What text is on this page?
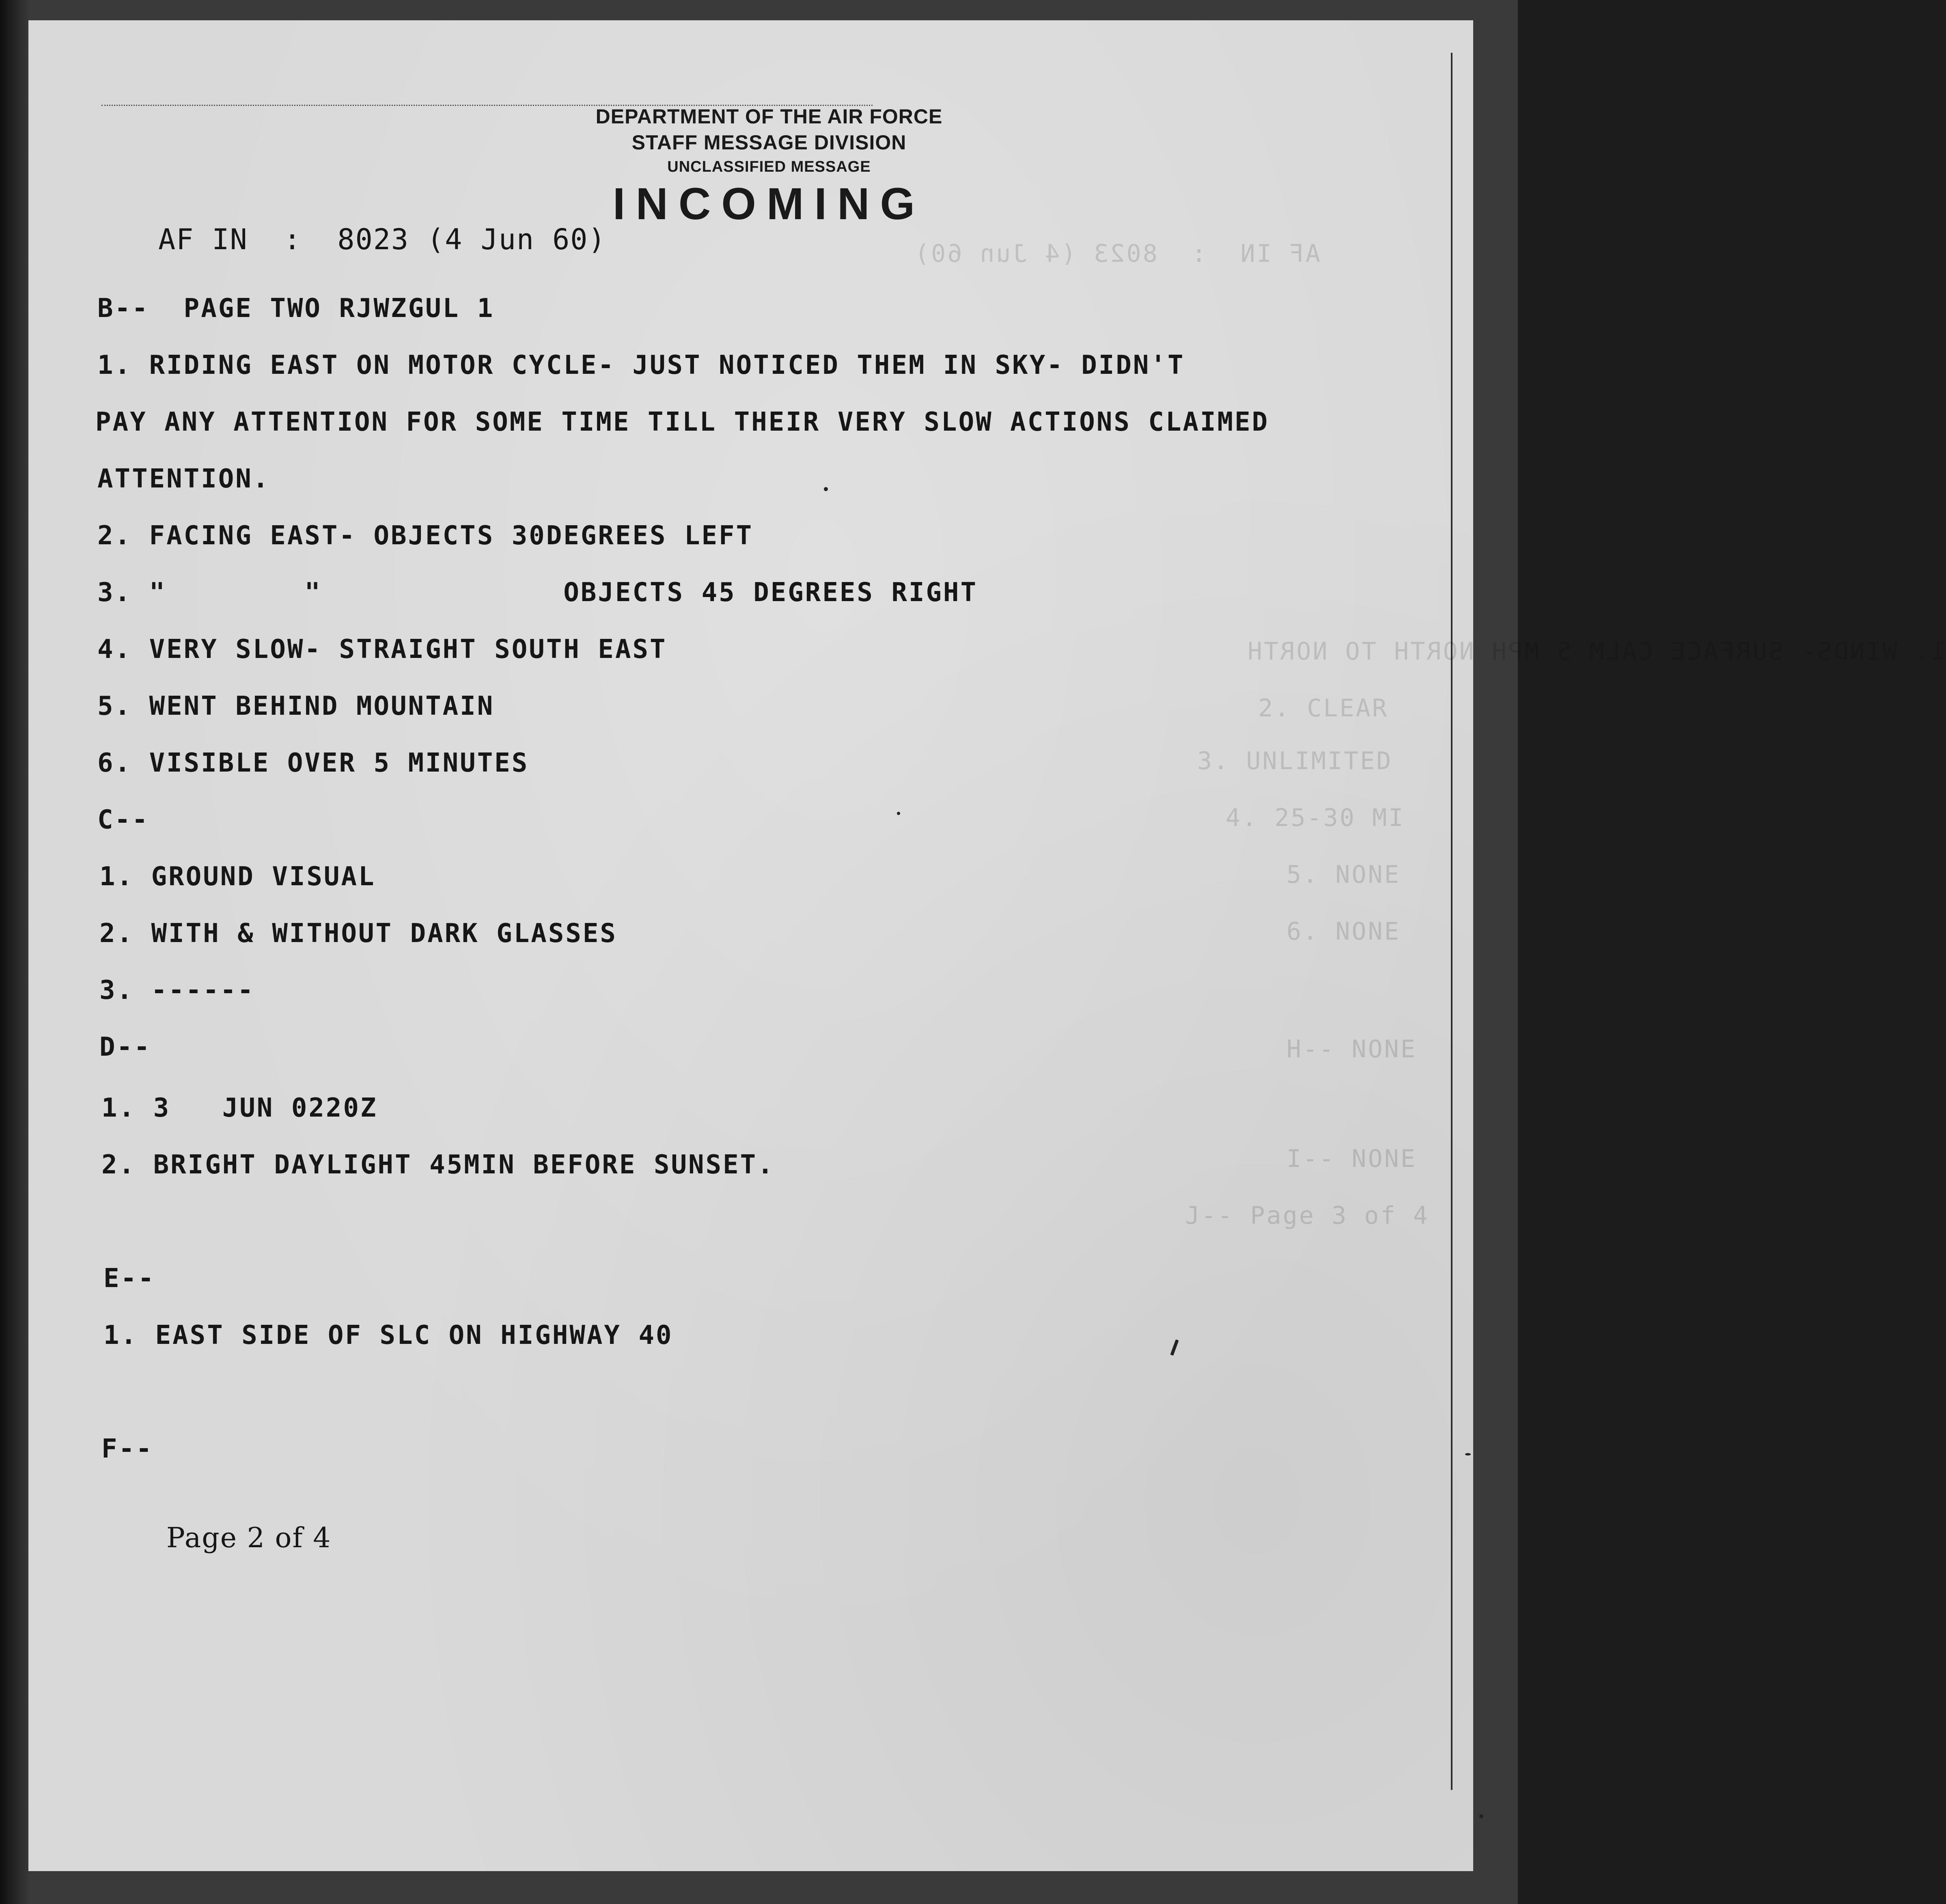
AF IN  :  8023 (4 Jun 60)
1. WINDS- SURFACE CALM 5 MPH NORTH TO NORTH
2. CLEAR
3. UNLIMITED
4. 25-30 MI
5. NONE
6. NONE
H-- NONE
I-- NONE
J-- Page 3 of 4
DEPARTMENT OF THE AIR FORCE
STAFF MESSAGE DIVISION
UNCLASSIFIED MESSAGE
INCOMING
AF IN  :  8023 (4 Jun 60)
B--  PAGE TWO RJWZGUL 1
1. RIDING EAST ON MOTOR CYCLE- JUST NOTICED THEM IN SKY- DIDN'T
PAY ANY ATTENTION FOR SOME TIME TILL THEIR VERY SLOW ACTIONS CLAIMED
ATTENTION.
2. FACING EAST- OBJECTS 30DEGREES LEFT
3. "        "              OBJECTS 45 DEGREES RIGHT
4. VERY SLOW- STRAIGHT SOUTH EAST
5. WENT BEHIND MOUNTAIN
6. VISIBLE OVER 5 MINUTES
C--
1. GROUND VISUAL
2. WITH & WITHOUT DARK GLASSES
3. ------
D--
1. 3   JUN 0220Z
2. BRIGHT DAYLIGHT 45MIN BEFORE SUNSET.
E--
1. EAST SIDE OF SLC ON HIGHWAY 40
F--
Page 2 of 4
